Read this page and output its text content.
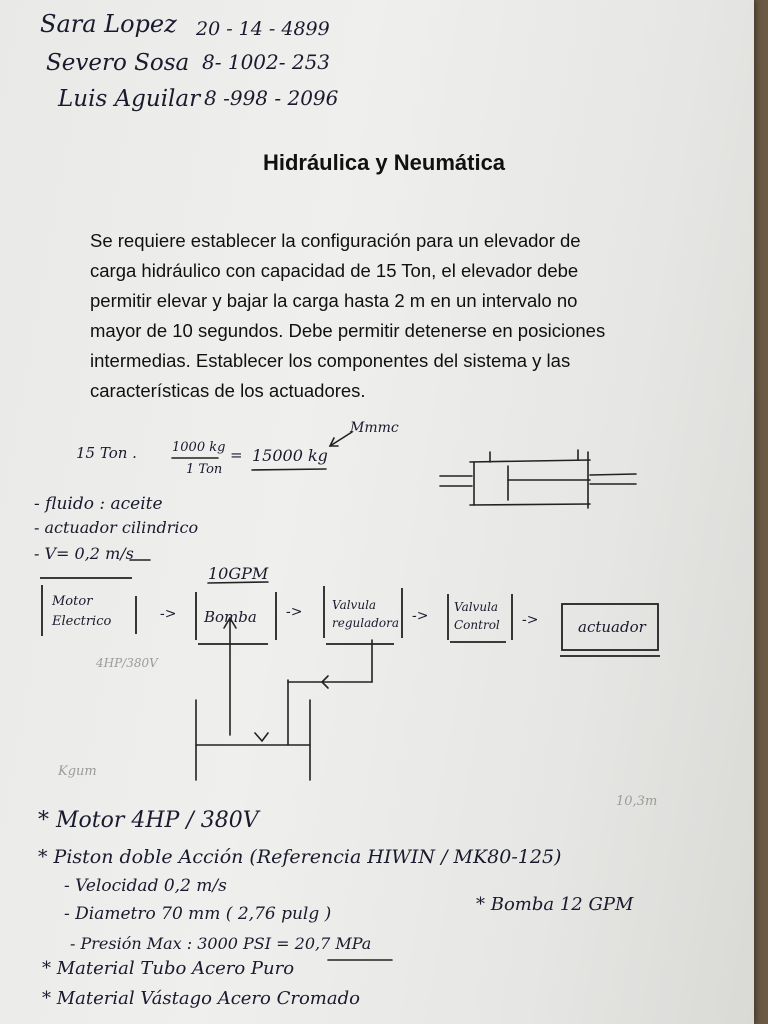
Sara Lopez 20 - 14 - 4899
Severo Sosa 8- 1002- 253
Luis Aguilar 8 -998 - 2096
Hidráulica y Neumática

Se requiere establecer la configuración para un elevador de

carga hidráulico con capacidad de 15 Ton, el elevador debe

permitir elevar y bajar la carga hasta 2 m en un intervalo no

mayor de 10 segundos. Debe permitir detenerse en posiciones

intermedias. Establecer los componentes del sistema y las

características de los actuadores.

15 Ton .	1000 kg
1 Ton
= 15000 kg
Mmmc
- fluido : aceite
- actuador cilindrico
- V= 0,2 m/s
10GPM
Motor Electrico	-> Bomba -> Valvula reguladora ->
Valvula Control	->	actuador
4HP/380V
Kgum
10,3m
* Motor 4HP / 380V
* Piston doble Acción (Referencia HIWIN / MK80-125)
- Velocidad 0,2 m/s
- Diametro 70 mm ( 2,76 pulg )
- Presión Max : 3000 PSI = 20,7 MPa
* Material Tubo Acero Puro
* Material Vástago Acero Cromado
* Bomba 12 GPM
